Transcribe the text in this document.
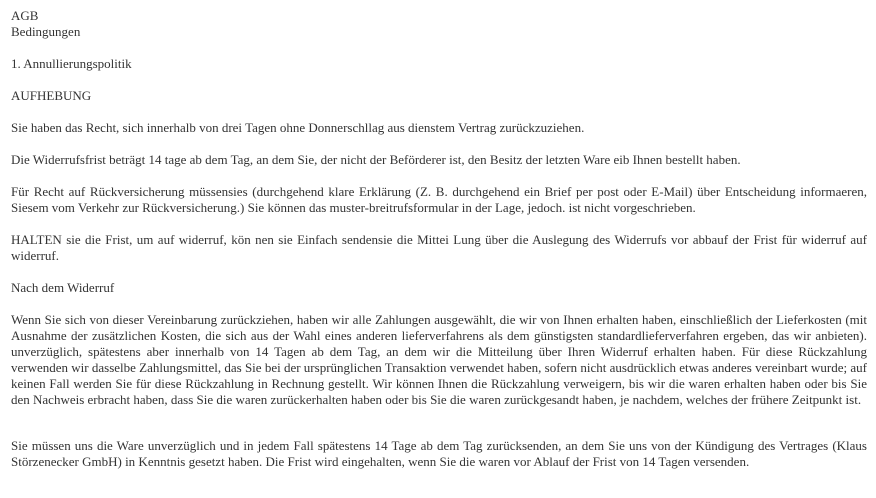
AGB
Bedingungen
1. Annullierungspolitik
AUFHEBUNG

Sie haben das Recht, sich innerhalb von drei Tagen ohne Donnerschllag aus dienstem Vertrag zurückzuziehen.

Die Widerrufsfrist beträgt 14 tage ab dem Tag, an dem Sie, der nicht der Beförderer ist, den Besitz der letzten Ware eib Ihnen bestellt haben.

Für Recht auf Rückversicherung müssensies (durchgehend klare Erklärung (Z. B. durchgehend ein Brief per post oder E-Mail) über Entscheidung informaeren, Siesem vom Verkehr zur Rückversicherung.) Sie können das muster-breitrufsformular in der Lage, jedoch. ist nicht vorgeschrieben.

HALTEN sie die Frist, um auf widerruf, kön nen sie Einfach sendensie die Mittei Lung über die Auslegung des Widerrufs vor abbauf der Frist für widerruf auf widerruf.

Nach dem Widerruf

Wenn Sie sich von dieser Vereinbarung zurückziehen, haben wir alle Zahlungen ausgewählt, die wir von Ihnen erhalten haben, einschließlich der Lieferkosten (mit Ausnahme der zusätzlichen Kosten, die sich aus der Wahl eines anderen lieferverfahrens als dem günstigsten standardlieferverfahren ergeben, das wir anbieten). unverzüglich, spätestens aber innerhalb von 14 Tagen ab dem Tag, an dem wir die Mitteilung über Ihren Widerruf erhalten haben. Für diese Rückzahlung verwenden wir dasselbe Zahlungsmittel, das Sie bei der ursprünglichen Transaktion verwendet haben, sofern nicht ausdrücklich etwas anderes vereinbart wurde; auf keinen Fall werden Sie für diese Rückzahlung in Rechnung gestellt. Wir können Ihnen die Rückzahlung verweigern, bis wir die waren erhalten haben oder bis Sie den Nachweis erbracht haben, dass Sie die waren zurückerhalten haben oder bis Sie die waren zurückgesandt haben, je nachdem, welches der frühere Zeitpunkt ist.

Sie müssen uns die Ware unverzüglich und in jedem Fall spätestens 14 Tage ab dem Tag zurücksenden, an dem Sie uns von der Kündigung des Vertrages (Klaus Störzenecker GmbH) in Kenntnis gesetzt haben. Die Frist wird eingehalten, wenn Sie die waren vor Ablauf der Frist von 14 Tagen versenden.
